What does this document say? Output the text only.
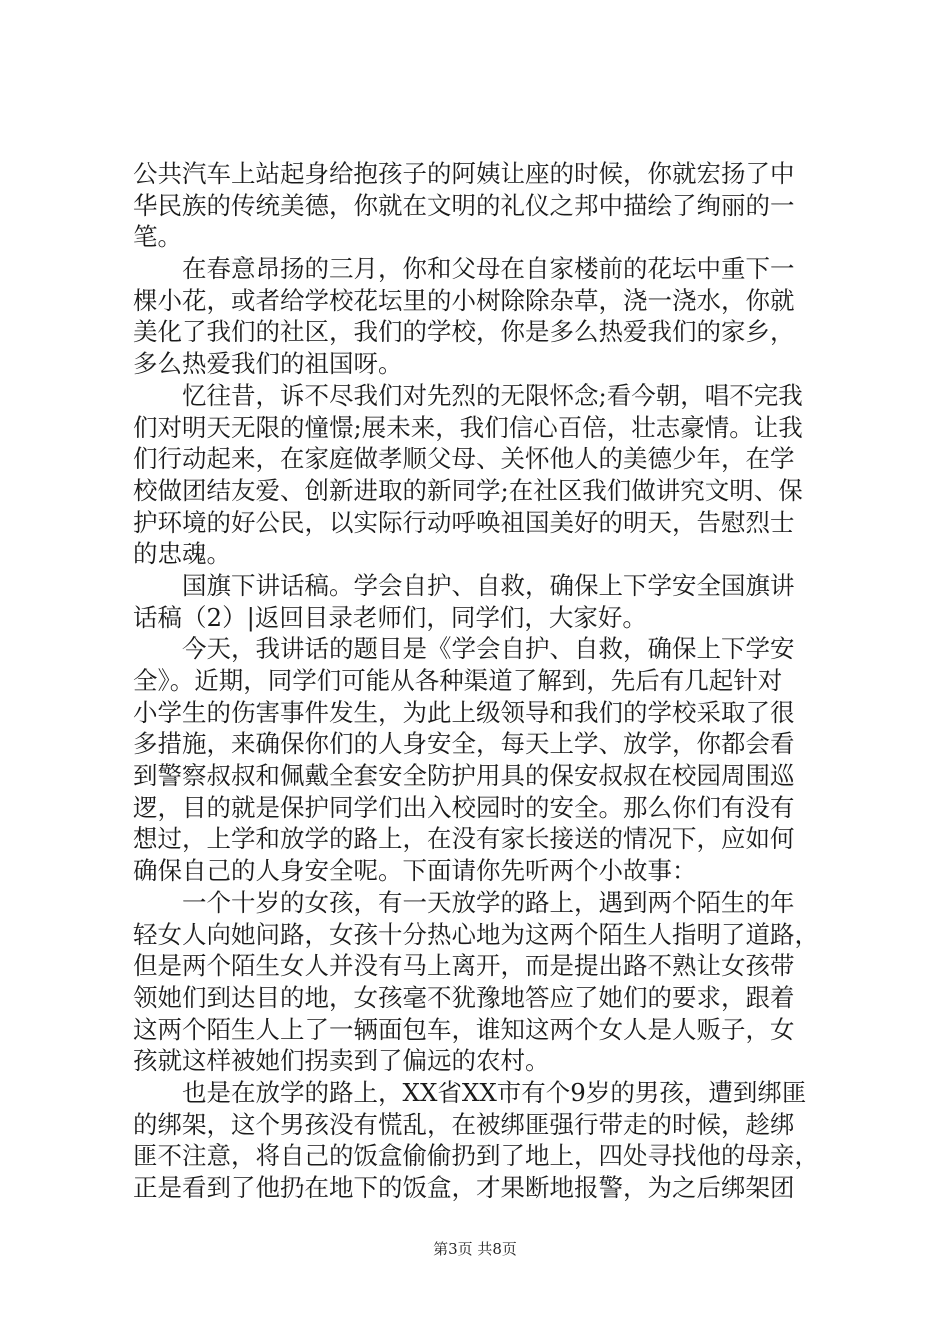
公共汽车上站起身给抱孩子的阿姨让座的时候，你就宏扬了中
华民族的传统美德，你就在文明的礼仪之邦中描绘了绚丽的一
笔。
　　在春意昂扬的三月，你和父母在自家楼前的花坛中重下一
棵小花，或者给学校花坛里的小树除除杂草，浇一浇水，你就
美化了我们的社区，我们的学校，你是多么热爱我们的家乡，
多么热爱我们的祖国呀。
　　忆往昔，诉不尽我们对先烈的无限怀念;看今朝，唱不完我
们对明天无限的憧憬;展未来，我们信心百倍，壮志豪情。让我
们行动起来，在家庭做孝顺父母、关怀他人的美德少年，在学
校做团结友爱、创新进取的新同学;在社区我们做讲究文明、保
护环境的好公民，以实际行动呼唤祖国美好的明天，告慰烈士
的忠魂。
　　国旗下讲话稿。学会自护、自救，确保上下学安全国旗讲
话稿（2）|返回目录老师们，同学们，大家好。
　　今天，我讲话的题目是《学会自护、自救，确保上下学安
全》。近期，同学们可能从各种渠道了解到，先后有几起针对
小学生的伤害事件发生，为此上级领导和我们的学校采取了很
多措施，来确保你们的人身安全，每天上学、放学，你都会看
到警察叔叔和佩戴全套安全防护用具的保安叔叔在校园周围巡
逻，目的就是保护同学们出入校园时的安全。那么你们有没有
想过，上学和放学的路上，在没有家长接送的情况下，应如何
确保自己的人身安全呢。下面请你先听两个小故事：
　　一个十岁的女孩，有一天放学的路上，遇到两个陌生的年
轻女人向她问路，女孩十分热心地为这两个陌生人指明了道路，
但是两个陌生女人并没有马上离开，而是提出路不熟让女孩带
领她们到达目的地，女孩毫不犹豫地答应了她们的要求，跟着
这两个陌生人上了一辆面包车，谁知这两个女人是人贩子，女
孩就这样被她们拐卖到了偏远的农村。
　　也是在放学的路上，XX省XX市有个9岁的男孩，遭到绑匪
的绑架，这个男孩没有慌乱，在被绑匪强行带走的时候，趁绑
匪不注意，将自己的饭盒偷偷扔到了地上，四处寻找他的母亲，
正是看到了他扔在地下的饭盒，才果断地报警，为之后绑架团
第3页 共8页
